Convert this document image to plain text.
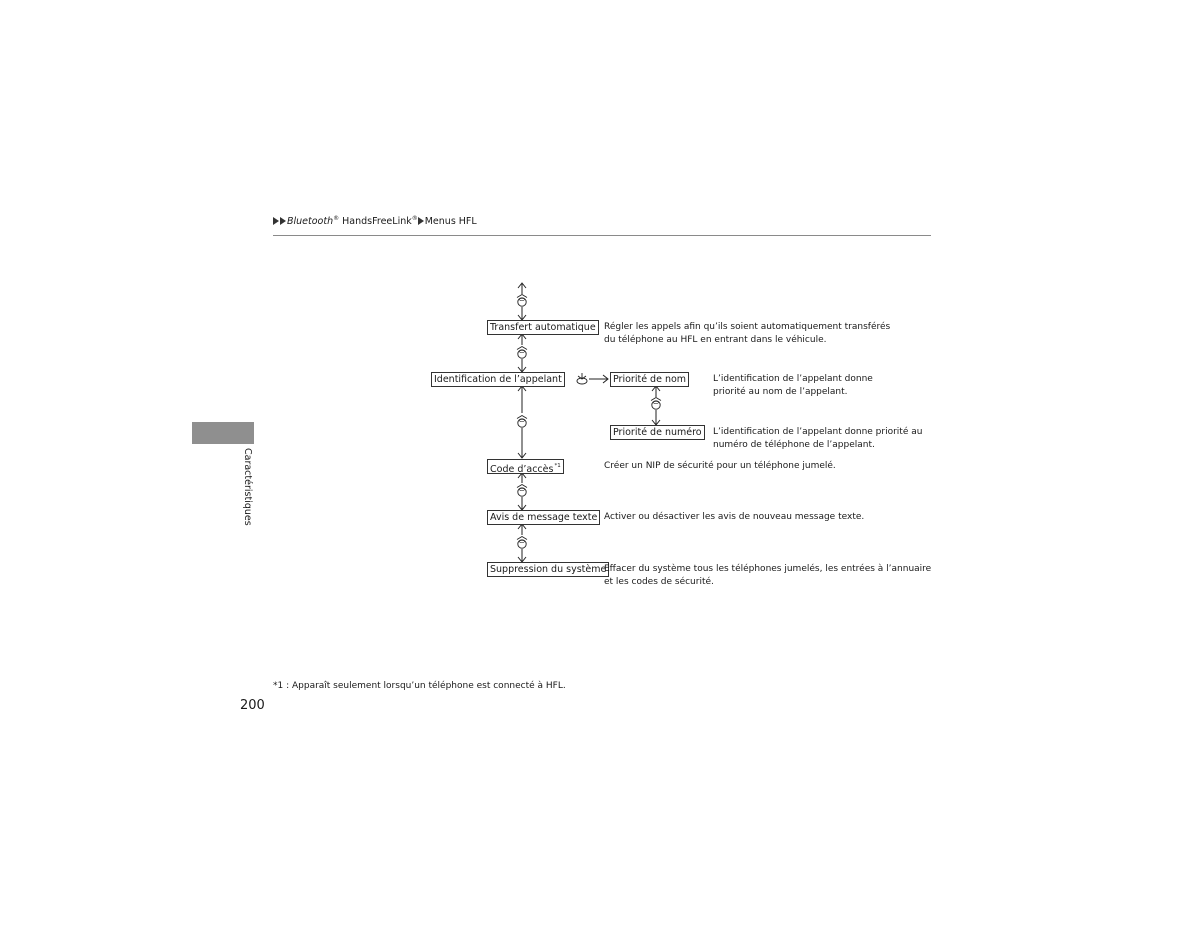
Bluetooth® HandsFreeLink® Menus HFL
Caractéristiques
Transfert automatique
Identification de l’appelant	Priorité de nom
Priorité de numéro
Code d’accès$^{*1}$
Avis de message texte
Suppression du système
Régler les appels afin qu’ils soient automatiquement transférés
du téléphone au HFL en entrant dans le véhicule.
L’identification de l’appelant donne
priorité au nom de l’appelant.
L’identification de l’appelant donne priorité au
numéro de téléphone de l’appelant.
Créer un NIP de sécurité pour un téléphone jumelé.
Activer ou désactiver les avis de nouveau message texte.
Effacer du système tous les téléphones jumelés, les entrées à l’annuaire
et les codes de sécurité.
*1 : Apparaît seulement lorsqu’un téléphone est connecté à HFL.
200
